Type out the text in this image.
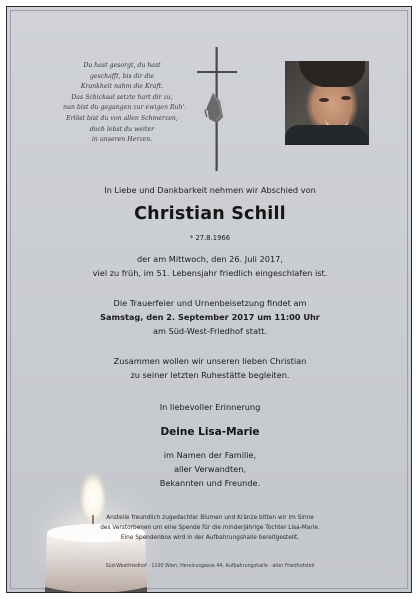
Du hast gesorgt, du hast
geschafft, bis dir die
Krankheit nahm die Kraft.
Das Schicksal setzte hart dir zu,
nun bist du gegangen zur ewigen Ruh'.
Erlöst bist du von allen Schmerzen,
doch lebst du weiter
in unseren Herzen.
In Liebe und Dankbarkeit nehmen wir Abschied von
Christian Schill
* 27.8.1966
der am Mittwoch, den 26. Juli 2017,
viel zu früh, im 51. Lebensjahr friedlich eingeschlafen ist.
Die Trauerfeier und Urnenbeisetzung findet am
Samstag, den 2. September 2017 um 11:00 Uhr
am Süd-West-Friedhof statt.
Zusammen wollen wir unseren lieben Christian
zu seiner letzten Ruhestätte begleiten.
In liebevoller Erinnerung
Deine Lisa-Marie
im Namen der Familie,
aller Verwandten,
Bekannten und Freunde.
Anstelle freundlich zugedachter Blumen und Kränze bitten wir im Sinne
des Verstorbenen um eine Spende für die minderjährige Tochter Lisa-Marie.
Eine Spendenbox wird in der Aufbahrungshalle bereitgestellt.
Süd-Westfriedhof · 1100 Wien, Hervicusgasse 44, Aufbahrungshalle · alter Friedhofsteil
